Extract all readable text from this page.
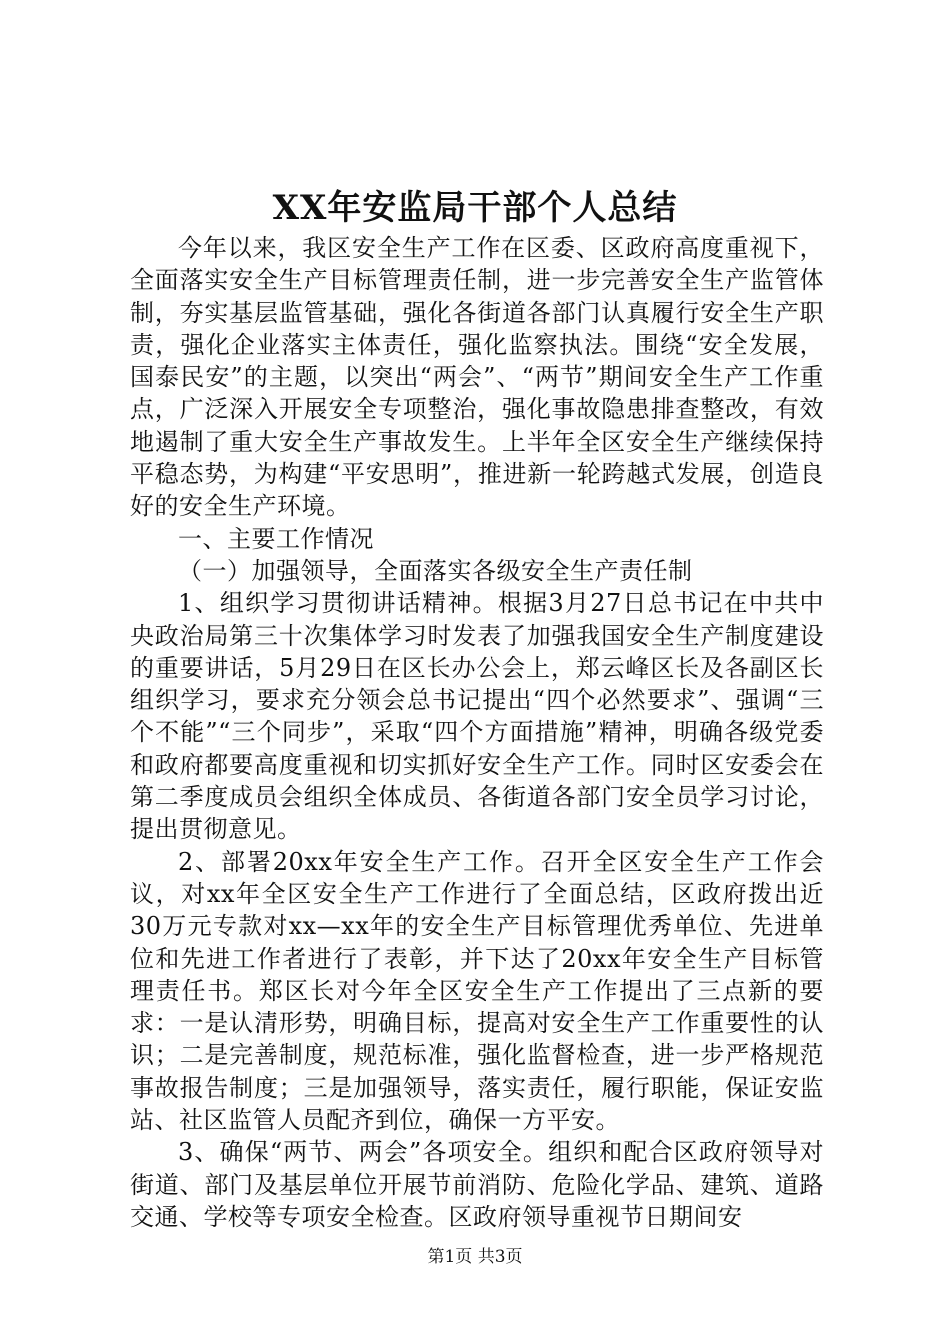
XX年安监局干部个人总结

今年以来，我区安全生产工作在区委、区政府高度重视下，全面落实安全生产目标管理责任制，进一步完善安全生产监管体制，夯实基层监管基础，强化各街道各部门认真履行安全生产职责，强化企业落实主体责任，强化监察执法。围绕“安全发展，国泰民安”的主题，以突出“两会”、“两节”期间安全生产工作重点，广泛深入开展安全专项整治，强化事故隐患排查整改，有效地遏制了重大安全生产事故发生。上半年全区安全生产继续保持平稳态势，为构建“平安思明”，推进新一轮跨越式发展，创造良好的安全生产环境。

一、主要工作情况

（一）加强领导，全面落实各级安全生产责任制

1、组织学习贯彻讲话精神。根据3月27日总书记在中共中央政治局第三十次集体学习时发表了加强我国安全生产制度建设的重要讲话，5月29日在区长办公会上，郑云峰区长及各副区长组织学习，要求充分领会总书记提出“四个必然要求”、强调“三个不能”“三个同步”，采取“四个方面措施”精神，明确各级党委和政府都要高度重视和切实抓好安全生产工作。同时区安委会在第二季度成员会组织全体成员、各街道各部门安全员学习讨论，提出贯彻意见。

2、部署20xx年安全生产工作。召开全区安全生产工作会议，对xx年全区安全生产工作进行了全面总结，区政府拨出近30万元专款对xx—xx年的安全生产目标管理优秀单位、先进单位和先进工作者进行了表彰，并下达了20xx年安全生产目标管理责任书。郑区长对今年全区安全生产工作提出了三点新的要求：一是认清形势，明确目标，提高对安全生产工作重要性的认识；二是完善制度，规范标准，强化监督检查，进一步严格规范事故报告制度；三是加强领导，落实责任，履行职能，保证安监站、社区监管人员配齐到位，确保一方平安。

3、确保“两节、两会”各项安全。组织和配合区政府领导对街道、部门及基层单位开展节前消防、危险化学品、建筑、道路交通、学校等专项安全检查。区政府领导重视节日期间安

第1页 共3页
